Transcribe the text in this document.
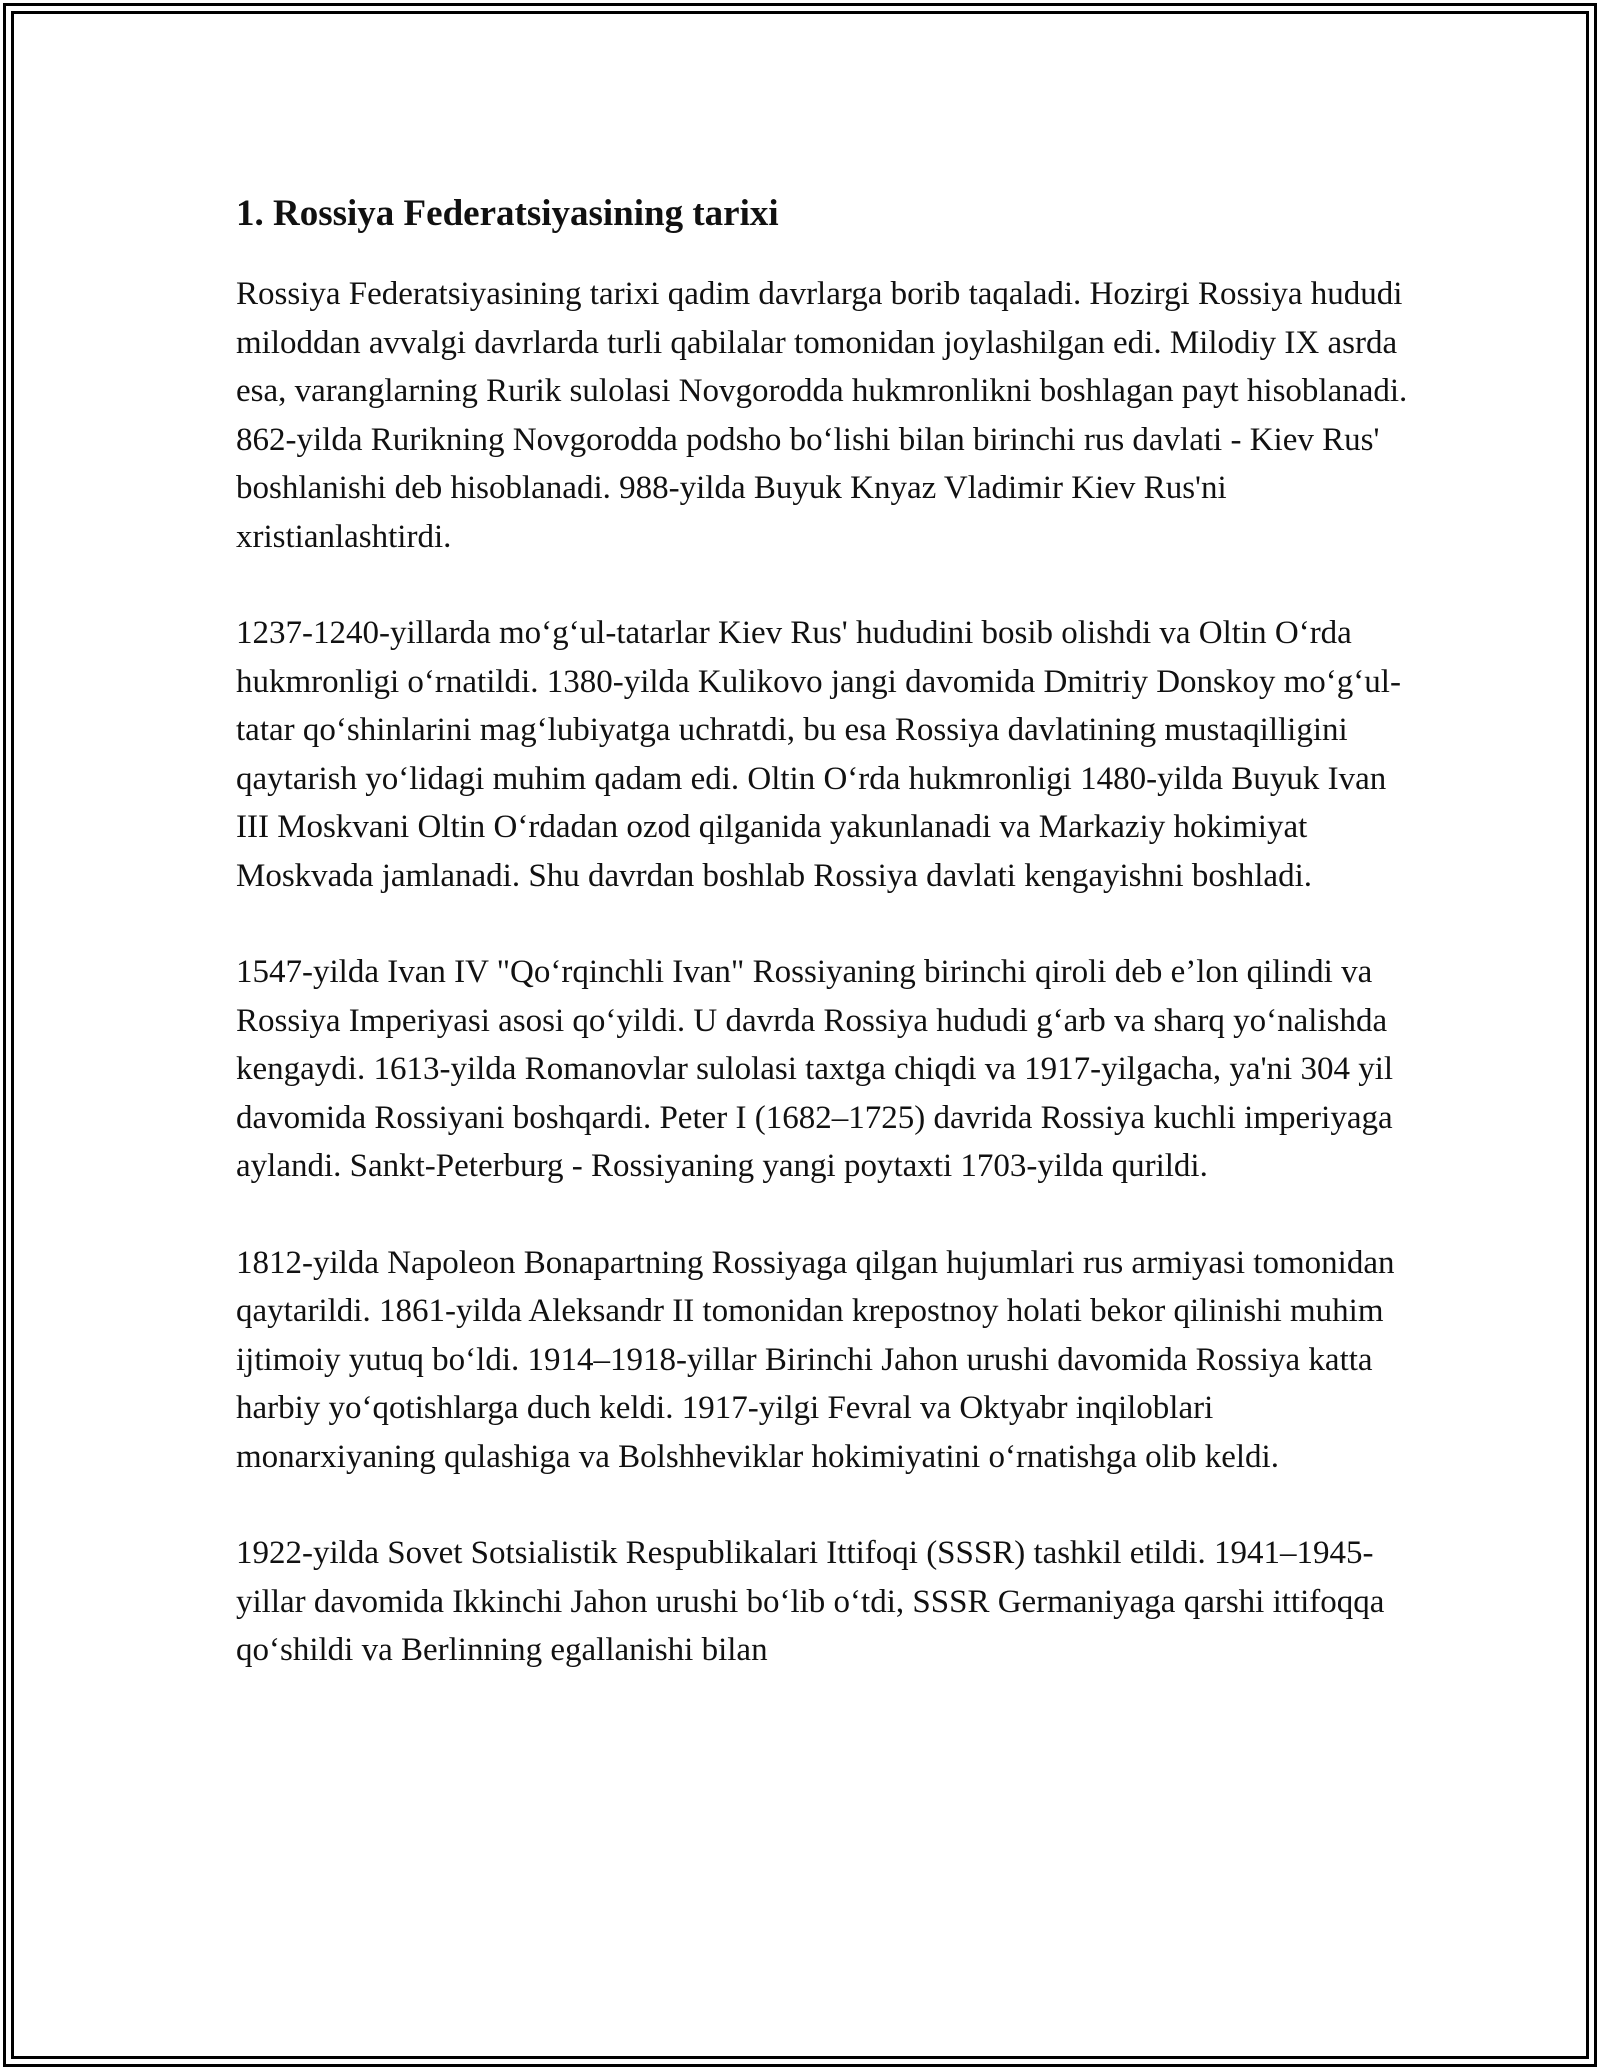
1. Rossiya Federatsiyasining tarixi

Rossiya Federatsiyasining tarixi qadim davrlarga borib taqaladi. Hozirgi Rossiya hududi miloddan avvalgi davrlarda turli qabilalar tomonidan joylashilgan edi. Milodiy IX asrda esa, varanglarning Rurik sulolasi Novgorodda hukmronlikni boshlagan payt hisoblanadi. 862-yilda Rurikning Novgorodda podsho bo‘lishi bilan birinchi rus davlati - Kiev Rus' boshlanishi deb hisoblanadi. 988-yilda Buyuk Knyaz Vladimir Kiev Rus'ni xristianlashtirdi.

1237-1240-yillarda mo‘g‘ul-tatarlar Kiev Rus' hududini bosib olishdi va Oltin O‘rda hukmronligi o‘rnatildi. 1380-yilda Kulikovo jangi davomida Dmitriy Donskoy mo‘g‘ul-tatar qo‘shinlarini mag‘lubiyatga uchratdi, bu esa Rossiya davlatining mustaqilligini qaytarish yo‘lidagi muhim qadam edi. Oltin O‘rda hukmronligi 1480-yilda Buyuk Ivan III Moskvani Oltin O‘rdadan ozod qilganida yakunlanadi va Markaziy hokimiyat Moskvada jamlanadi. Shu davrdan boshlab Rossiya davlati kengayishni boshladi.

1547-yilda Ivan IV "Qo‘rqinchli Ivan" Rossiyaning birinchi qiroli deb e’lon qilindi va Rossiya Imperiyasi asosi qo‘yildi. U davrda Rossiya hududi g‘arb va sharq yo‘nalishda kengaydi. 1613-yilda Romanovlar sulolasi taxtga chiqdi va 1917-yilgacha, ya'ni 304 yil davomida Rossiyani boshqardi. Peter I (1682–1725) davrida Rossiya kuchli imperiyaga aylandi. Sankt-Peterburg - Rossiyaning yangi poytaxti 1703-yilda qurildi.

1812-yilda Napoleon Bonapartning Rossiyaga qilgan hujumlari rus armiyasi tomonidan qaytarildi. 1861-yilda Aleksandr II tomonidan krepostnoy holati bekor qilinishi muhim ijtimoiy yutuq bo‘ldi. 1914–1918-yillar Birinchi Jahon urushi davomida Rossiya katta harbiy yo‘qotishlarga duch keldi. 1917-yilgi Fevral va Oktyabr inqiloblari monarxiyaning qulashiga va Bolshheviklar hokimiyatini o‘rnatishga olib keldi.

1922-yilda Sovet Sotsialistik Respublikalari Ittifoqi (SSSR) tashkil etildi. 1941–1945-yillar davomida Ikkinchi Jahon urushi bo‘lib o‘tdi, SSSR Germaniyaga qarshi ittifoqqa qo‘shildi va Berlinning egallanishi bilan
